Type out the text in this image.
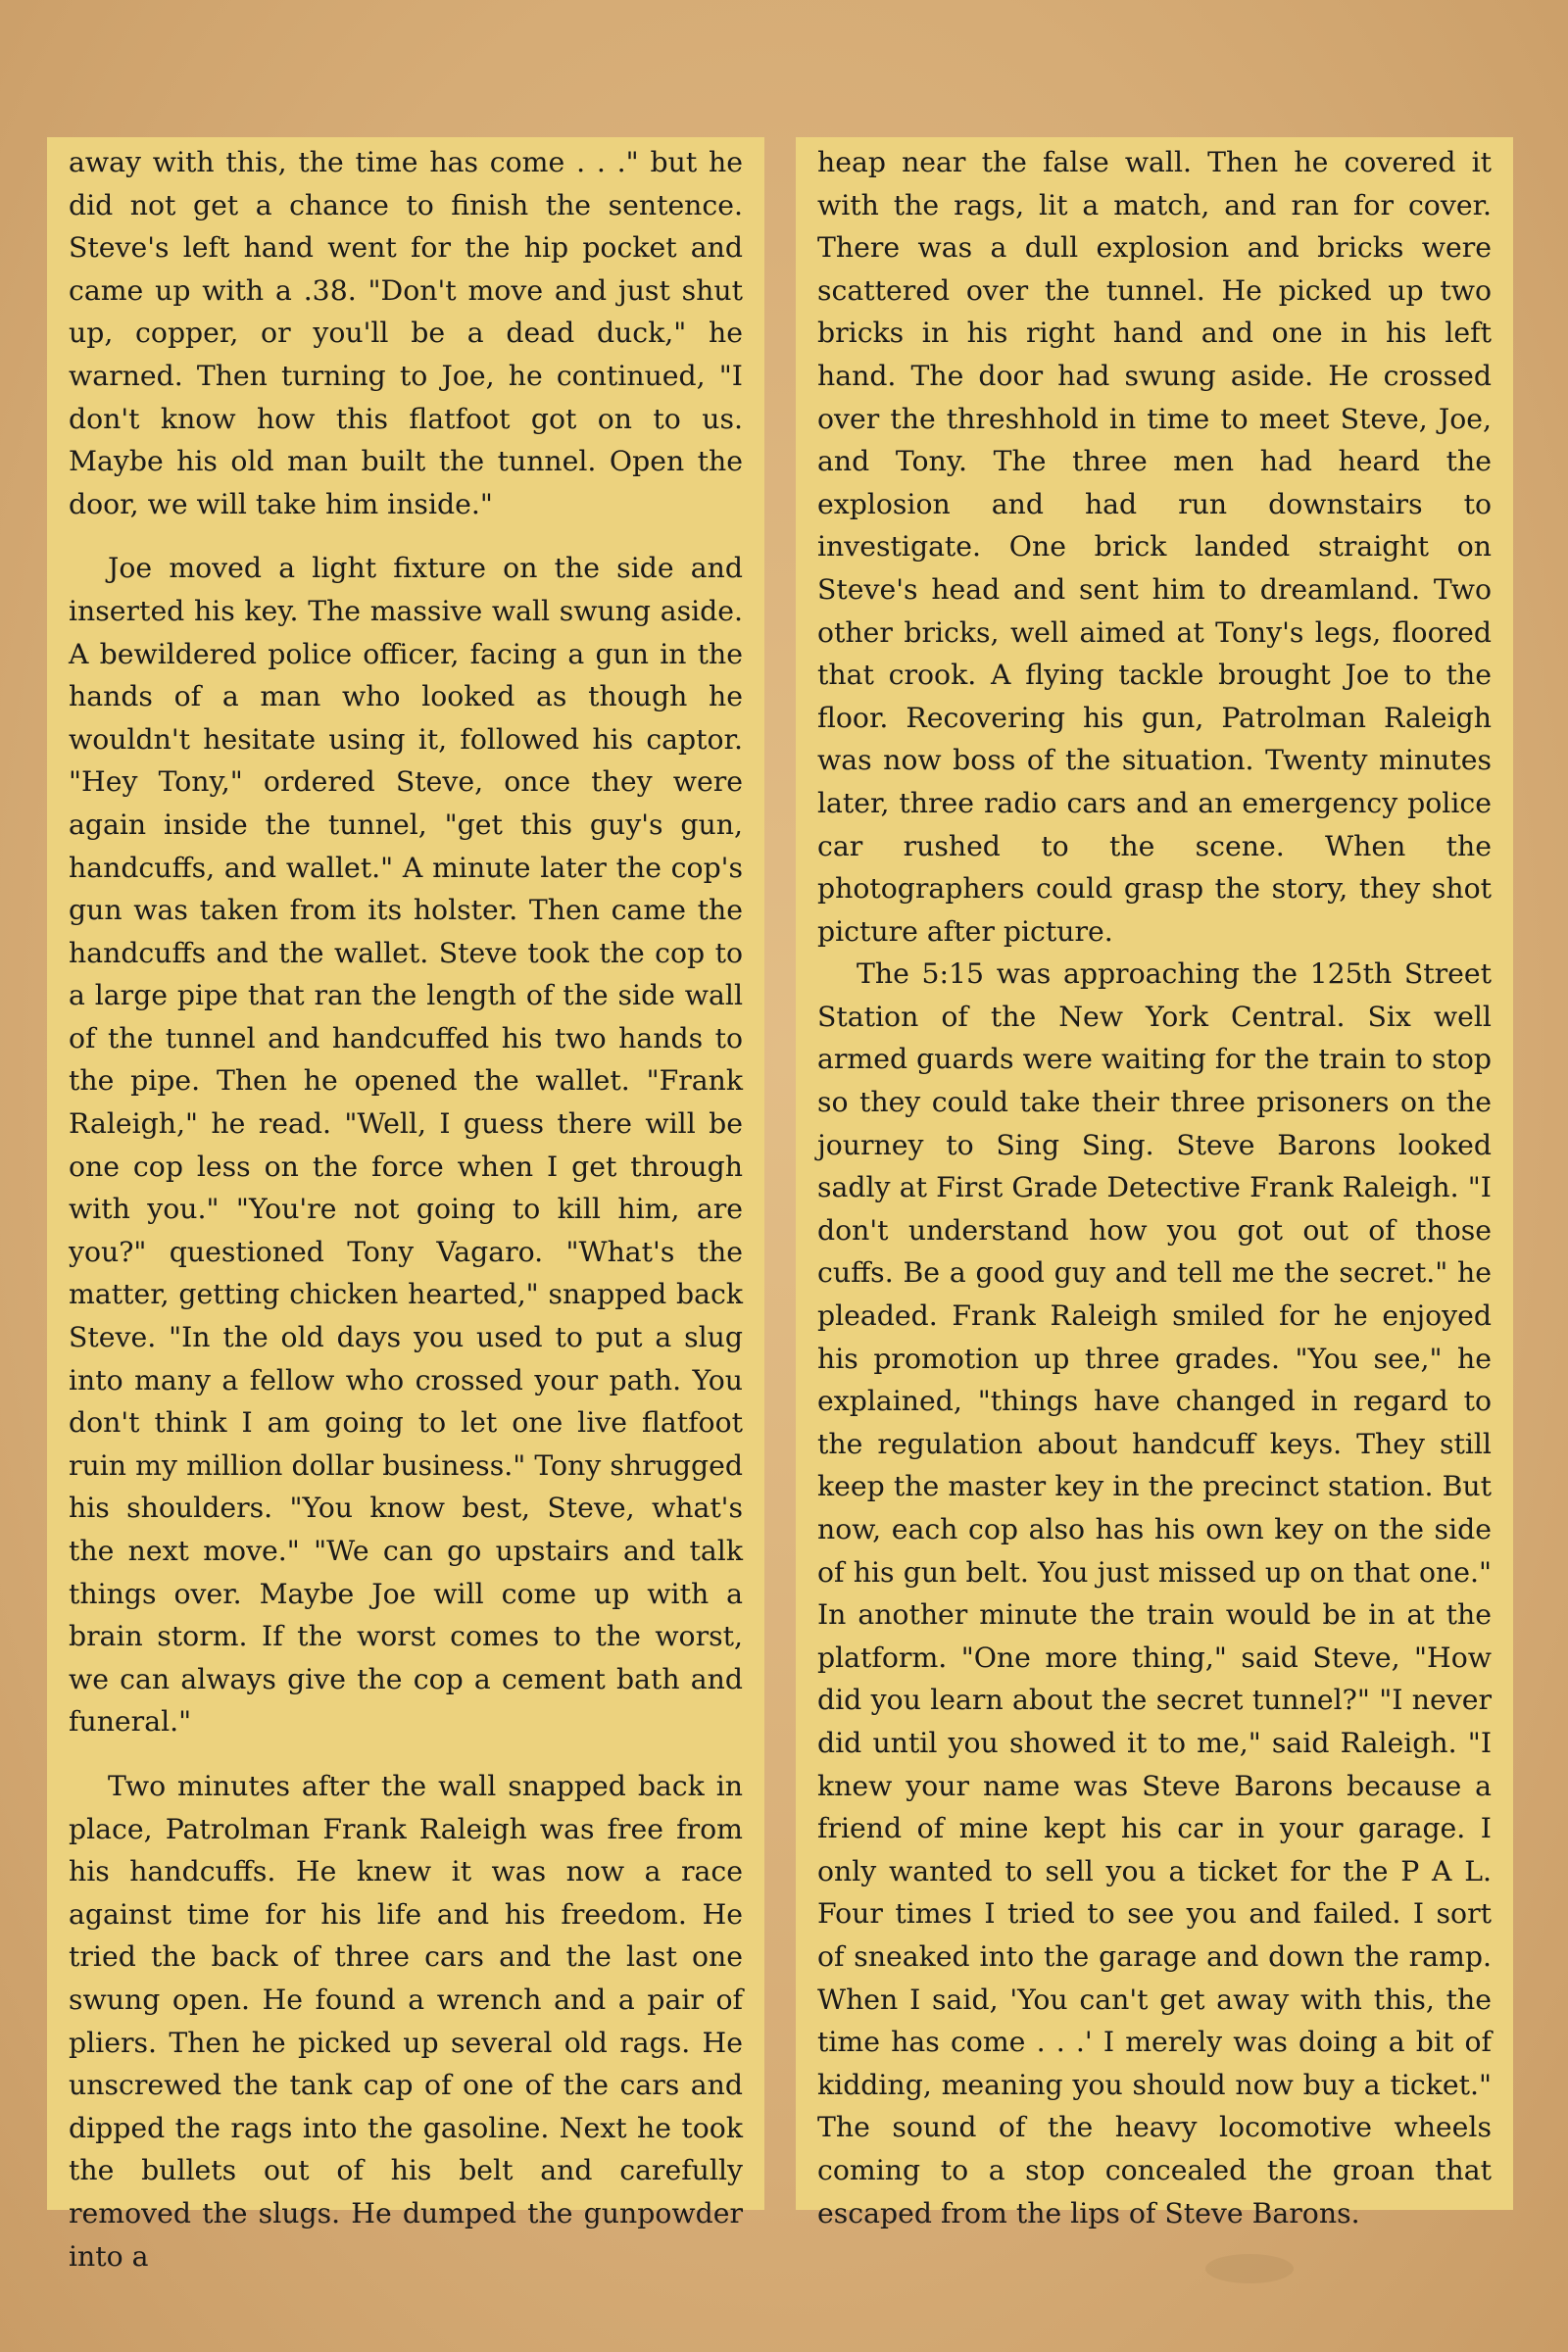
away with this, the time has come . . ." but he did not get a chance to finish the sentence. Steve's left hand went for the hip pocket and came up with a .38. "Don't move and just shut up, copper, or you'll be a dead duck," he warned. Then turning to Joe, he continued, "I don't know how this flatfoot got on to us. Maybe his old man built the tunnel. Open the door, we will take him inside."

Joe moved a light fixture on the side and inserted his key. The massive wall swung aside. A bewildered police officer, facing a gun in the hands of a man who looked as though he wouldn't hesitate using it, followed his captor. "Hey Tony," ordered Steve, once they were again inside the tunnel, "get this guy's gun, handcuffs, and wallet." A minute later the cop's gun was taken from its holster. Then came the handcuffs and the wallet. Steve took the cop to a large pipe that ran the length of the side wall of the tunnel and handcuffed his two hands to the pipe. Then he opened the wallet. "Frank Raleigh," he read. "Well, I guess there will be one cop less on the force when I get through with you." "You're not going to kill him, are you?" questioned Tony Vagaro. "What's the matter, getting chicken hearted," snapped back Steve. "In the old days you used to put a slug into many a fellow who crossed your path. You don't think I am going to let one live flatfoot ruin my million dollar business." Tony shrugged his shoulders. "You know best, Steve, what's the next move." "We can go upstairs and talk things over. Maybe Joe will come up with a brain storm. If the worst comes to the worst, we can always give the cop a cement bath and funeral."

Two minutes after the wall snapped back in place, Patrolman Frank Raleigh was free from his handcuffs. He knew it was now a race against time for his life and his freedom. He tried the back of three cars and the last one swung open. He found a wrench and a pair of pliers. Then he picked up several old rags. He unscrewed the tank cap of one of the cars and dipped the rags into the gasoline. Next he took the bullets out of his belt and carefully removed the slugs. He dumped the gunpowder into a

heap near the false wall. Then he covered it with the rags, lit a match, and ran for cover. There was a dull explosion and bricks were scattered over the tunnel. He picked up two bricks in his right hand and one in his left hand. The door had swung aside. He crossed over the threshhold in time to meet Steve, Joe, and Tony. The three men had heard the explosion and had run downstairs to investigate. One brick landed straight on Steve's head and sent him to dreamland. Two other bricks, well aimed at Tony's legs, floored that crook. A flying tackle brought Joe to the floor. Recovering his gun, Patrolman Raleigh was now boss of the situation. Twenty minutes later, three radio cars and an emergency police car rushed to the scene. When the photographers could grasp the story, they shot picture after picture.

The 5:15 was approaching the 125th Street Station of the New York Central. Six well armed guards were waiting for the train to stop so they could take their three prisoners on the journey to Sing Sing. Steve Barons looked sadly at First Grade Detective Frank Raleigh. "I don't understand how you got out of those cuffs. Be a good guy and tell me the secret." he pleaded. Frank Raleigh smiled for he enjoyed his promotion up three grades. "You see," he explained, "things have changed in regard to the regulation about handcuff keys. They still keep the master key in the precinct station. But now, each cop also has his own key on the side of his gun belt. You just missed up on that one." In another minute the train would be in at the platform. "One more thing," said Steve, "How did you learn about the secret tunnel?" "I never did until you showed it to me," said Raleigh. "I knew your name was Steve Barons because a friend of mine kept his car in your garage. I only wanted to sell you a ticket for the P A L. Four times I tried to see you and failed. I sort of sneaked into the garage and down the ramp. When I said, 'You can't get away with this, the time has come . . .' I merely was doing a bit of kidding, meaning you should now buy a ticket." The sound of the heavy locomotive wheels coming to a stop concealed the groan that escaped from the lips of Steve Barons.
